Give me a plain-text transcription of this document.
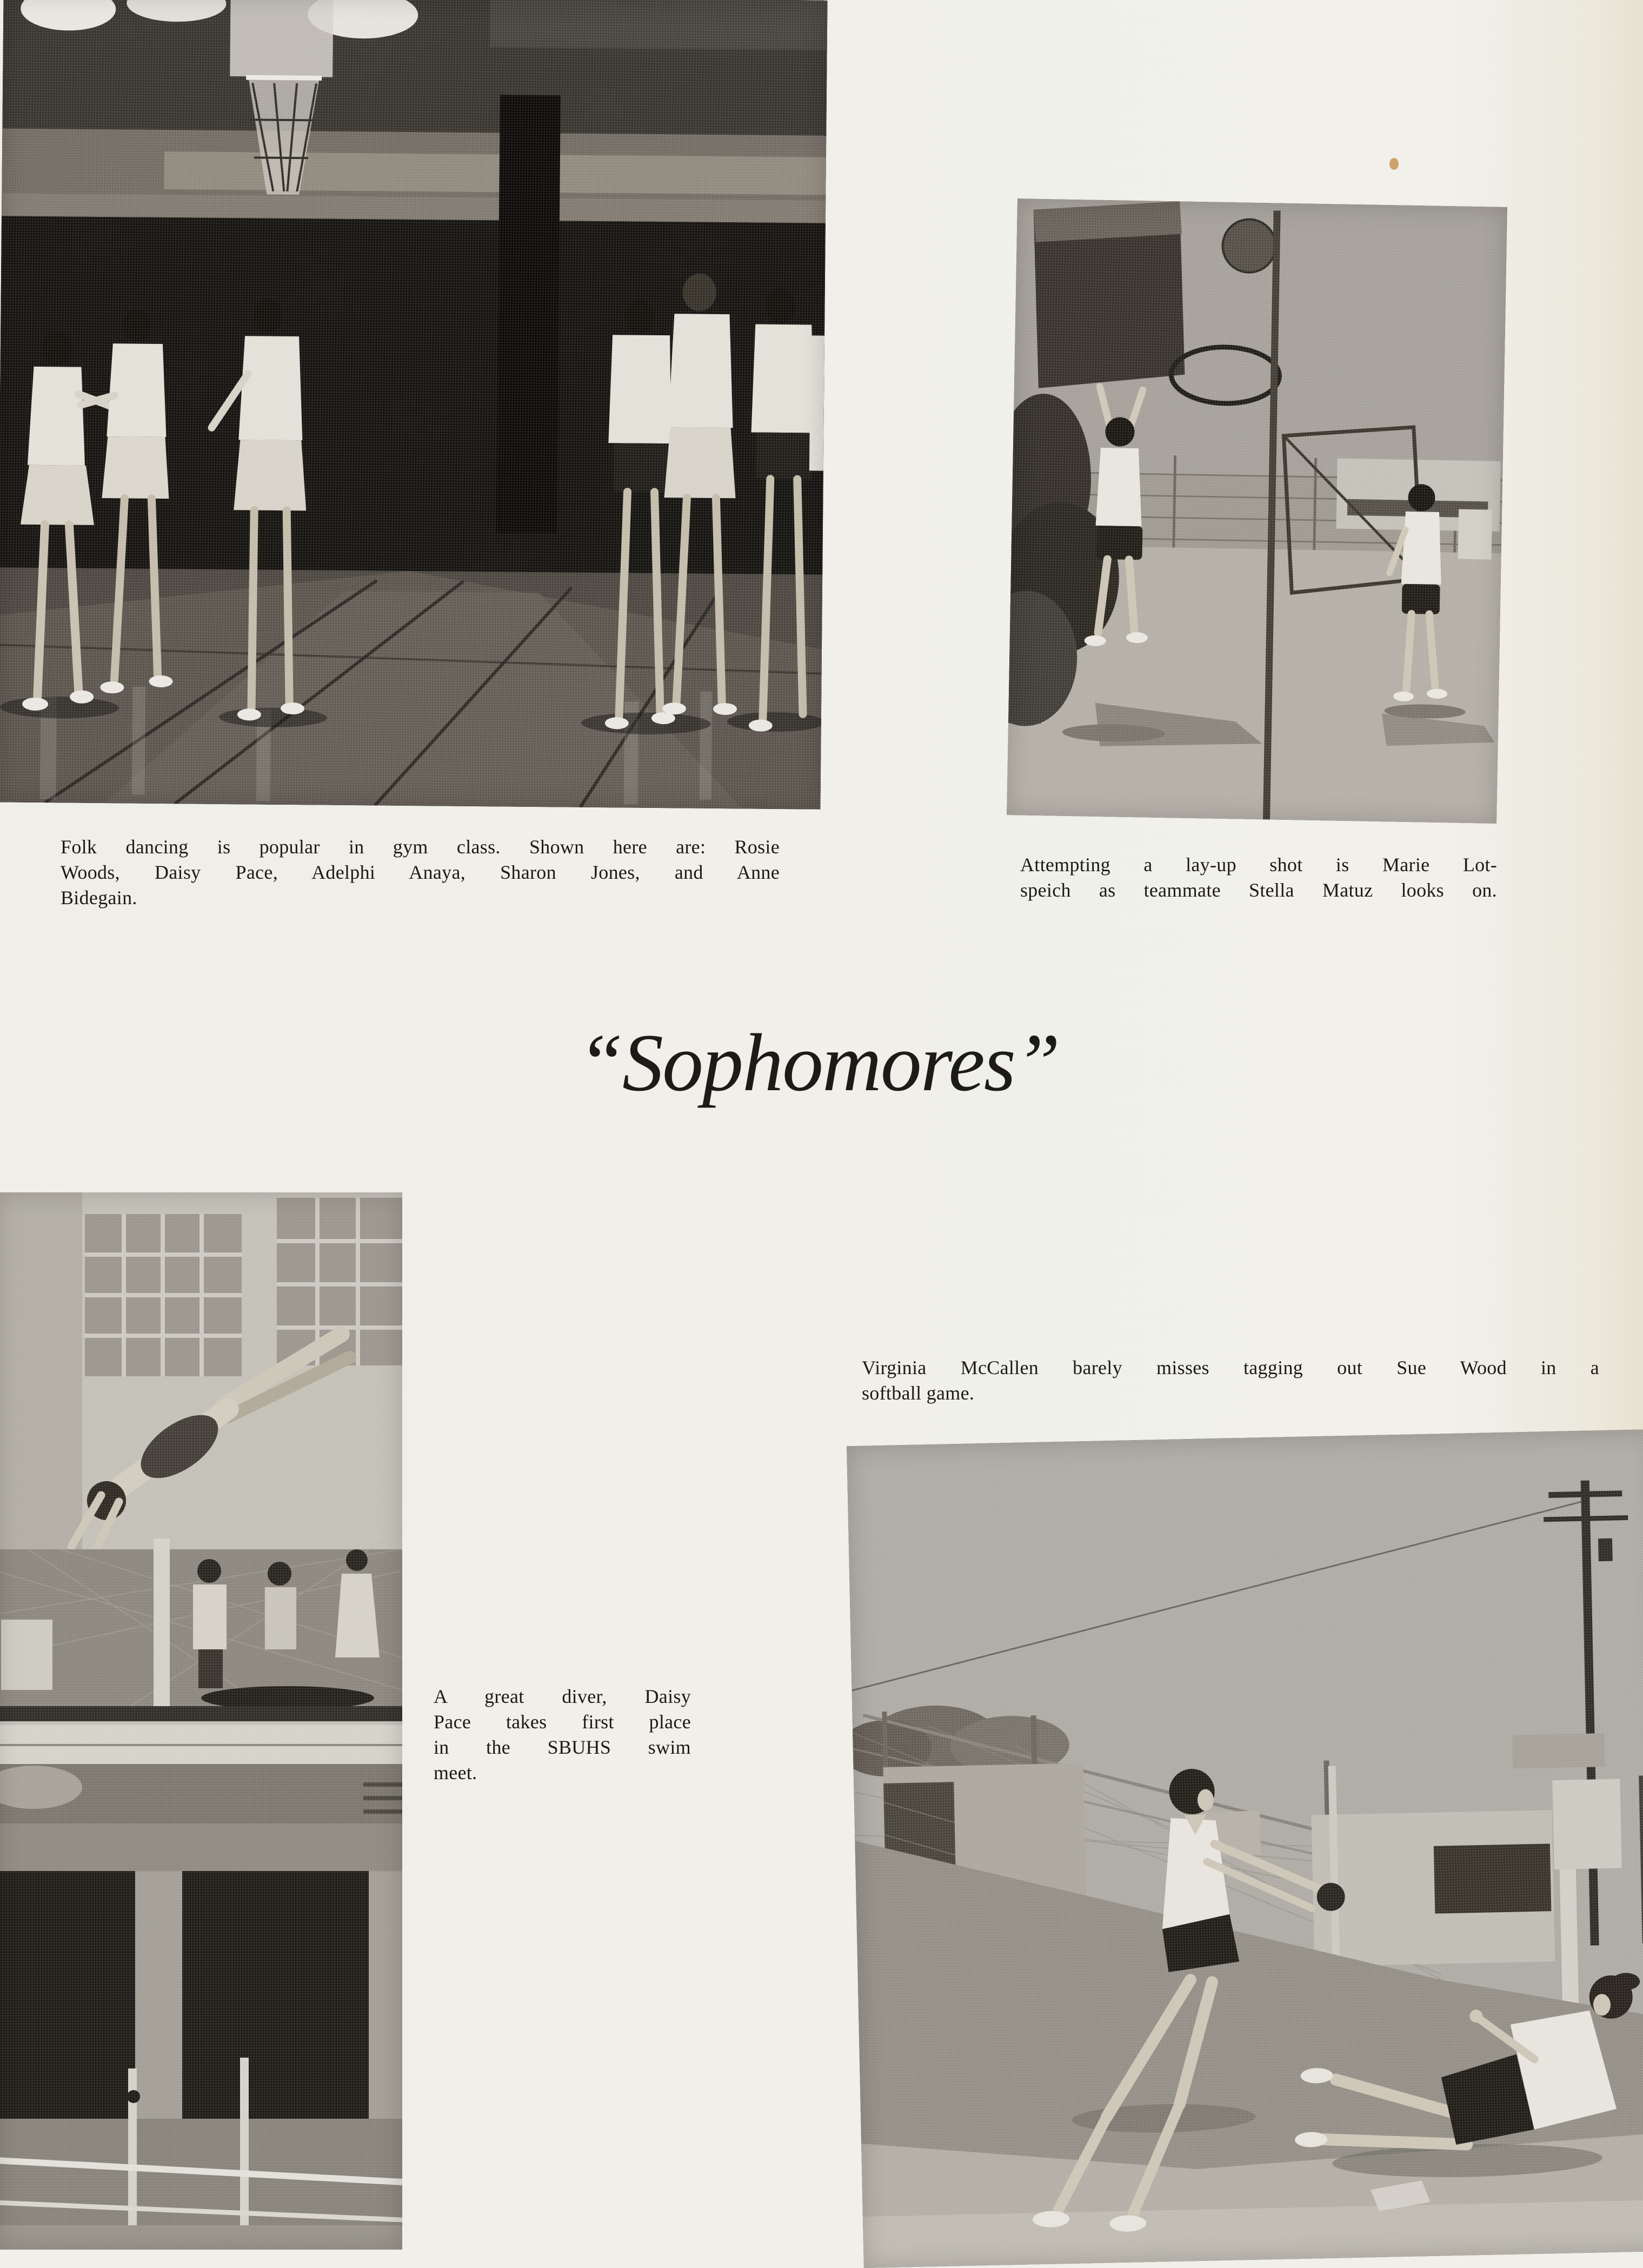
Folk dancing is popular in gym class. Shown here are: Rosie
Woods, Daisy Pace, Adelphi Anaya, Sharon Jones, and Anne
Bidegain.
Attempting a lay-up shot is Marie Lot-
speich as teammate Stella Matuz looks on.
“Sophomores”
Virginia McCallen barely misses tagging out Sue Wood in a
softball game.
A great diver, Daisy
Pace takes first place
in the SBUHS swim
meet.
